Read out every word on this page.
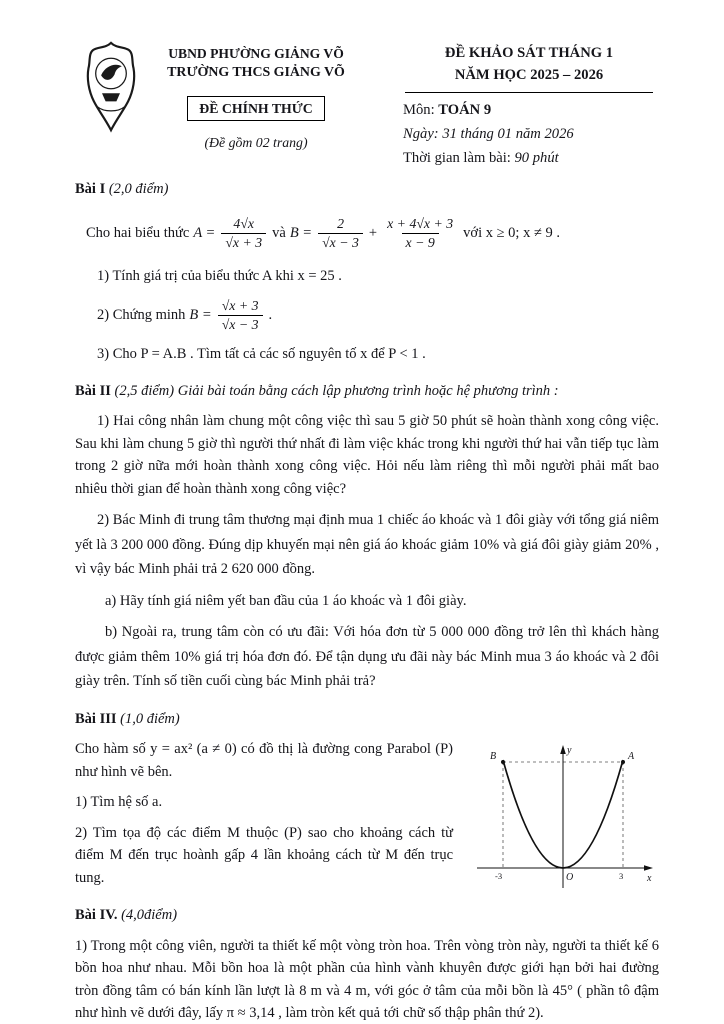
UBND PHƯỜNG GIẢNG VÕ
TRƯỜNG THCS GIẢNG VÕ
ĐỀ CHÍNH THỨC
(Đề gồm 02 trang)
ĐỀ KHẢO SÁT THÁNG 1
NĂM HỌC 2025 – 2026
Môn: TOÁN 9
Ngày: 31 tháng 01 năm 2026
Thời gian làm bài: 90 phút

Bài I (2,0 điểm)

Cho hai biểu thức $A = \frac{4√x}{√x + 3}$ và $B = \frac{2}{√x - 3} + \frac{x + 4√x + 3}{x - 9}$ với x ≥ 0; x ≠ 9 .

1) Tính giá trị của biểu thức A khi x = 25 .

2) Chứng minh $B = \frac{√x + 3}{√x - 3}$ .

3) Cho P = A.B . Tìm tất cả các số nguyên tố x để P < 1 .

Bài II (2,5 điểm) Giải bài toán bằng cách lập phương trình hoặc hệ phương trình :

1) Hai công nhân làm chung một công việc thì sau 5 giờ 50 phút sẽ hoàn thành xong công việc. Sau khi làm chung 5 giờ thì người thứ nhất đi làm việc khác trong khi người thứ hai vẫn tiếp tục làm trong 2 giờ nữa mới hoàn thành xong công việc. Hỏi nếu làm riêng thì mỗi người phải mất bao nhiêu thời gian để hoàn thành xong công việc?

2) Bác Minh đi trung tâm thương mại định mua 1 chiếc áo khoác và 1 đôi giày với tổng giá niêm yết là 3 200 000 đồng. Đúng dịp khuyến mại nên giá áo khoác giảm 10% và giá đôi giày giảm 20% , vì vậy bác Minh phải trả 2 620 000 đồng.

a) Hãy tính giá niêm yết ban đầu của 1 áo khoác và 1 đôi giày.

b) Ngoài ra, trung tâm còn có ưu đãi: Với hóa đơn từ 5 000 000 đồng trở lên thì khách hàng được giảm thêm 10% giá trị hóa đơn đó. Để tận dụng ưu đãi này bác Minh mua 3 áo khoác và 2 đôi giày trên. Tính số tiền cuối cùng bác Minh phải trả?

Bài III (1,0 điểm)

Cho hàm số y = ax² (a ≠ 0) có đồ thị là đường cong Parabol (P) như hình vẽ bên.

1) Tìm hệ số a.

2) Tìm tọa độ các điểm M thuộc (P) sao cho khoảng cách từ điểm M đến trục hoành gấp 4 lần khoảng cách từ M đến trục tung.

B	A
y
x
O
-3	3

Bài IV. (4,0điểm)

1) Trong một công viên, người ta thiết kế một vòng tròn hoa. Trên vòng tròn này, người ta thiết kế 6 bồn hoa như nhau. Mỗi bồn hoa là một phần của hình vành khuyên được giới hạn bởi hai đường tròn đồng tâm có bán kính lần lượt là 8 m và 4 m, với góc ở tâm của mỗi bồn là 45° ( phần tô đậm như hình vẽ dưới đây, lấy π ≈ 3,14 , làm tròn kết quả tới chữ số thập phân thứ 2).
